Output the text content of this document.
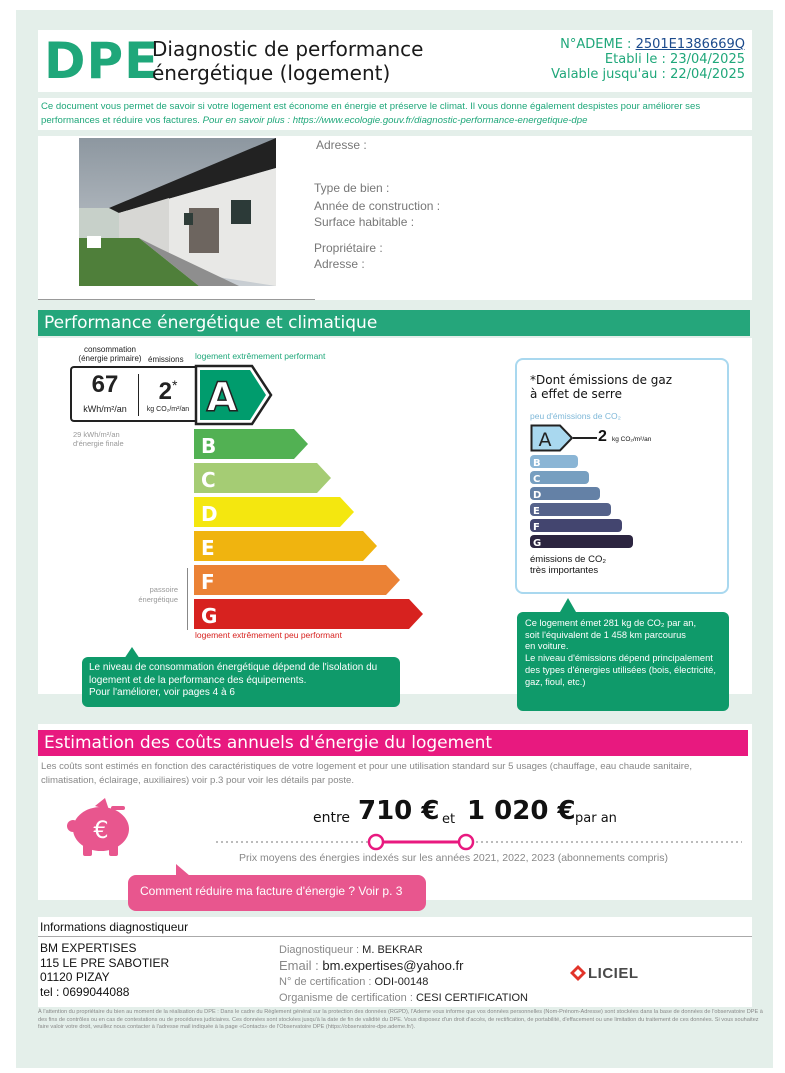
DPE
Diagnostic de performance
énergétique (logement)
N°ADEME : 2501E1386669Q
Etabli le : 23/04/2025
Valable jusqu'au : 22/04/2025
Ce document vous permet de savoir si votre logement est économe en énergie et préserve le climat. Il vous donne également despistes pour améliorer ses performances et réduire vos factures. Pour en savoir plus : https://www.ecologie.gouv.fr/diagnostic-performance-energetique-dpe
Adresse :
Type de bien :
Année de construction :
Surface habitable :
Propriétaire :
Adresse :
Performance énergétique et climatique
consommation
(énergie primaire) émissions logement extrêmement performant
67
kWh/m²/an
2*
kg CO₂/m²/an A
29 kWh/m²/an
d'énergie finale	B
C
D
E
F
G
passoire
énergétique
logement extrêmement peu performant
Le niveau de consommation énergétique dépend de l'isolation du logement et de la performance des équipements.
Pour l'améliorer, voir pages 4 à 6
*Dont émissions de gaz
à effet de serre
peu d'émissions de CO₂
A	2 kg CO₂/m²/an
B
C
D
E
F
G
émissions de CO₂
très importantes
Ce logement émet 281 kg de CO₂ par an,
soit l'équivalent de 1 458 km parcourus
en voiture.
Le niveau d'émissions dépend principalement des types d'énergies utilisées (bois, électricité, gaz, fioul, etc.)
Estimation des coûts annuels d'énergie du logement
Les coûts sont estimés en fonction des caractéristiques de votre logement et pour une utilisation standard sur 5 usages (chauffage, eau chaude sanitaire, climatisation, éclairage, auxiliaires) voir p.3 pour voir les détails par poste.
€	entre 710 € et 1 020 € par an
Prix moyens des énergies indexés sur les années 2021, 2022, 2023 (abonnements compris)
Comment réduire ma facture d'énergie ? Voir p. 3
Informations diagnostiqueur
BM EXPERTISES
115 LE PRE SABOTIER
01120 PIZAY
tel : 0699044088
Diagnostiqueur : M. BEKRAR
Email : bm.expertises@yahoo.fr
N° de certification : ODI-00148
Organisme de certification : CESI CERTIFICATION
LICIEL
À l'attention du propriétaire du bien au moment de la réalisation du DPE : Dans le cadre du Règlement général sur la protection des données (RGPD), l'Ademe vous informe que vos données personnelles (Nom-Prénom-Adresse) sont stockées dans la base de données de l'observatoire DPE à des fins de contrôles ou en cas de contestations ou de procédures judiciaires. Ces données sont stockées jusqu'à la date de fin de validité du DPE. Vous disposez d'un droit d'accès, de rectification, de portabilité, d'effacement ou une limitation du traitement de ces données. Si vous souhaitez faire valoir votre droit, veuillez nous contacter à l'adresse mail indiquée à la page «Contacts» de l'Observatoire DPE (https://observatoire-dpe.ademe.fr/).
